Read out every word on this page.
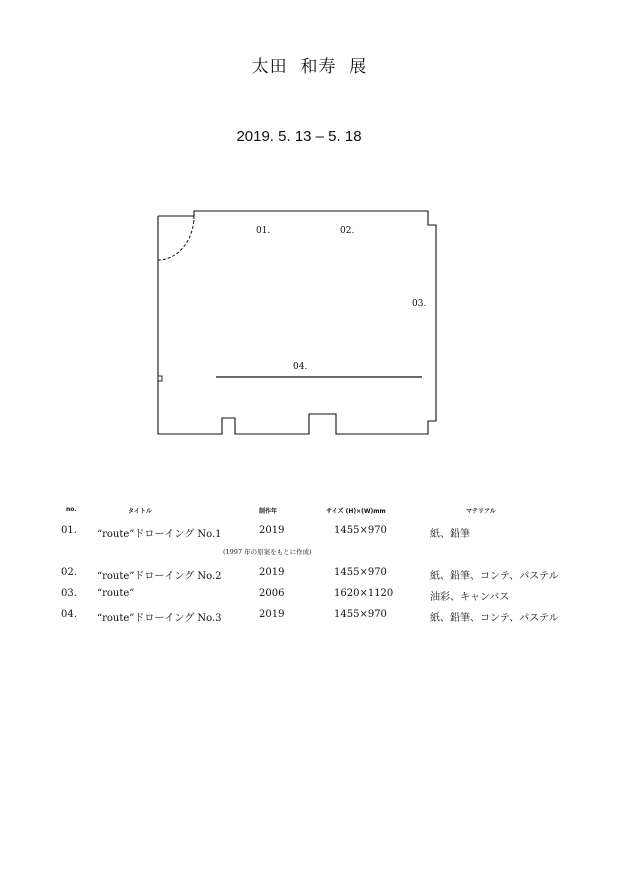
太田  和寿  展
2019. 5. 13 – 5. 18
01.	02.
03.
04.
no.	タイトル	制作年	サイズ (H)×(W)mm	マテリアル
01. “route”ドローイング No.1	2019	1455×970	紙、鉛筆
(1997 年の原案をもとに作成)
02. “route”ドローイング No.2	2019	1455×970	紙、鉛筆、コンテ、パステル
03. “route”	2006	1620×1120	油彩、キャンバス
04. “route”ドローイング No.3	2019	1455×970	紙、鉛筆、コンテ、パステル
